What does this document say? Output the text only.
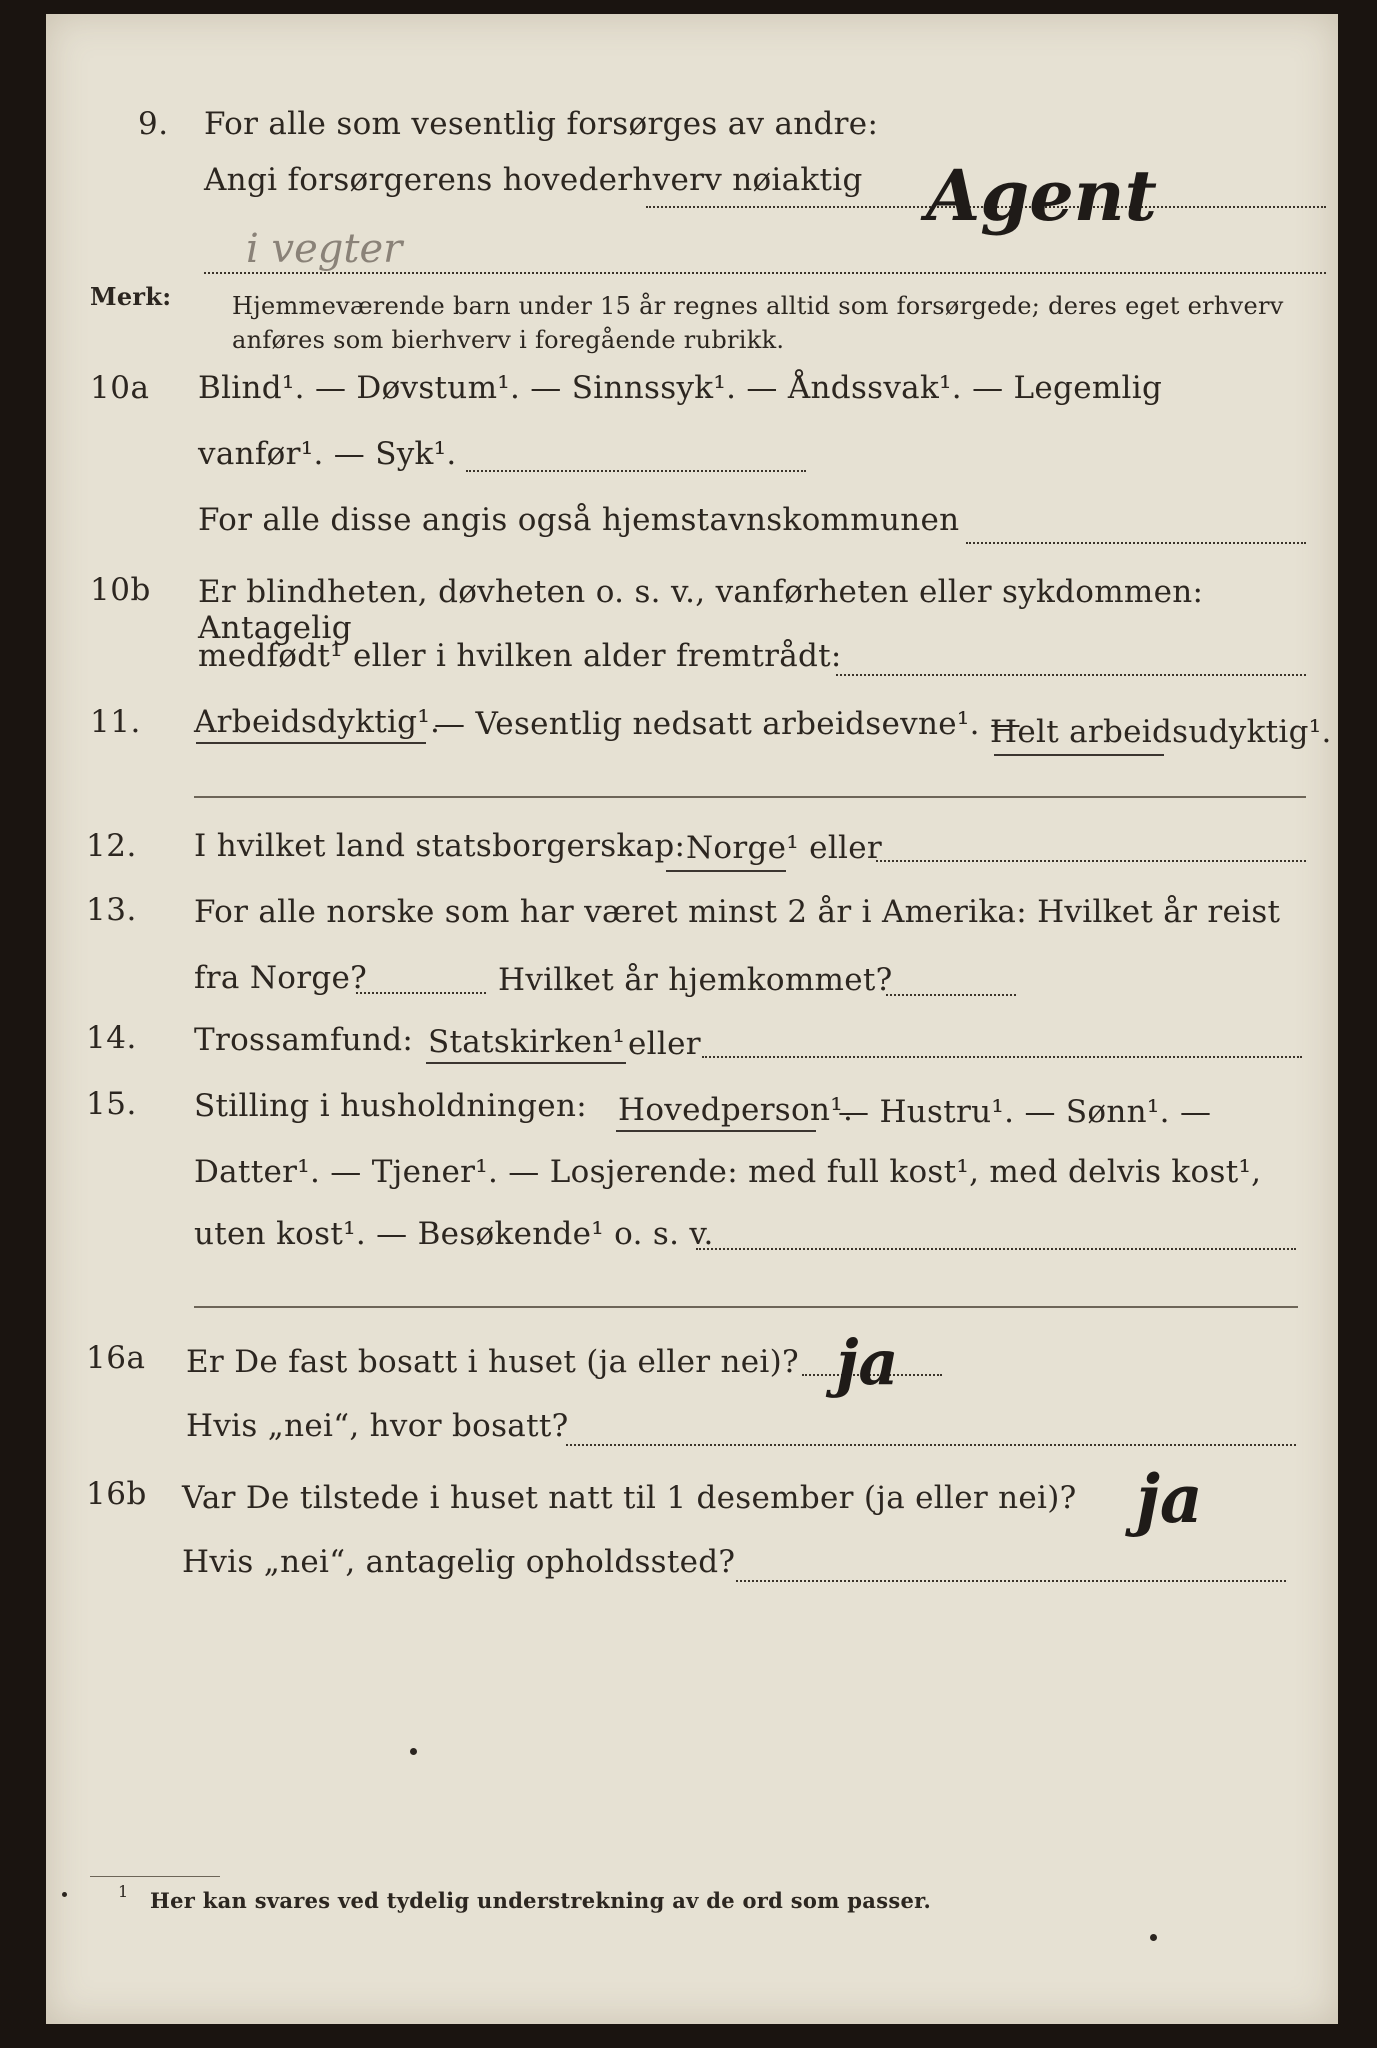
9. For alle som vesentlig forsørges av andre:
Angi forsørgerens hovederhverv nøiaktig Agent
i vegter
Merk:	Hjemmeværende barn under 15 år regnes alltid som forsørgede; deres eget erhverv
anføres som bierhverv i foregående rubrikk.
10a Blind¹. — Døvstum¹. — Sinnssyk¹. — Åndssvak¹. — Legemlig
vanfør¹. — Syk¹.
For alle disse angis også hjemstavnskommunen
10b Er blindheten, døvheten o. s. v., vanførheten eller sykdommen: Antagelig
medfødt¹ eller i hvilken alder fremtrådt:
11. Arbeidsdyktig¹.
— Vesentlig nedsatt arbeidsevne¹. —
Helt arbeidsudyktig¹.
12. I hvilket land statsborgerskap: Norge¹ eller
13. For alle norske som har været minst 2 år i Amerika: Hvilket år reist
fra Norge?	Hvilket år hjemkommet?
14. Trossamfund: Statskirken¹ eller
15. Stilling i husholdningen: Hovedperson¹.
— Hustru¹. — Sønn¹. —
Datter¹. — Tjener¹. — Losjerende: med full kost¹, med delvis kost¹,
uten kost¹. — Besøkende¹ o. s. v.
16a Er De fast bosatt i huset (ja eller nei)? ja
Hvis „nei“, hvor bosatt?
16b Var De tilstede i huset natt til 1 desember (ja eller nei)? ja
Hvis „nei“, antagelig opholdssted?
1 Her kan svares ved tydelig understrekning av de ord som passer.
